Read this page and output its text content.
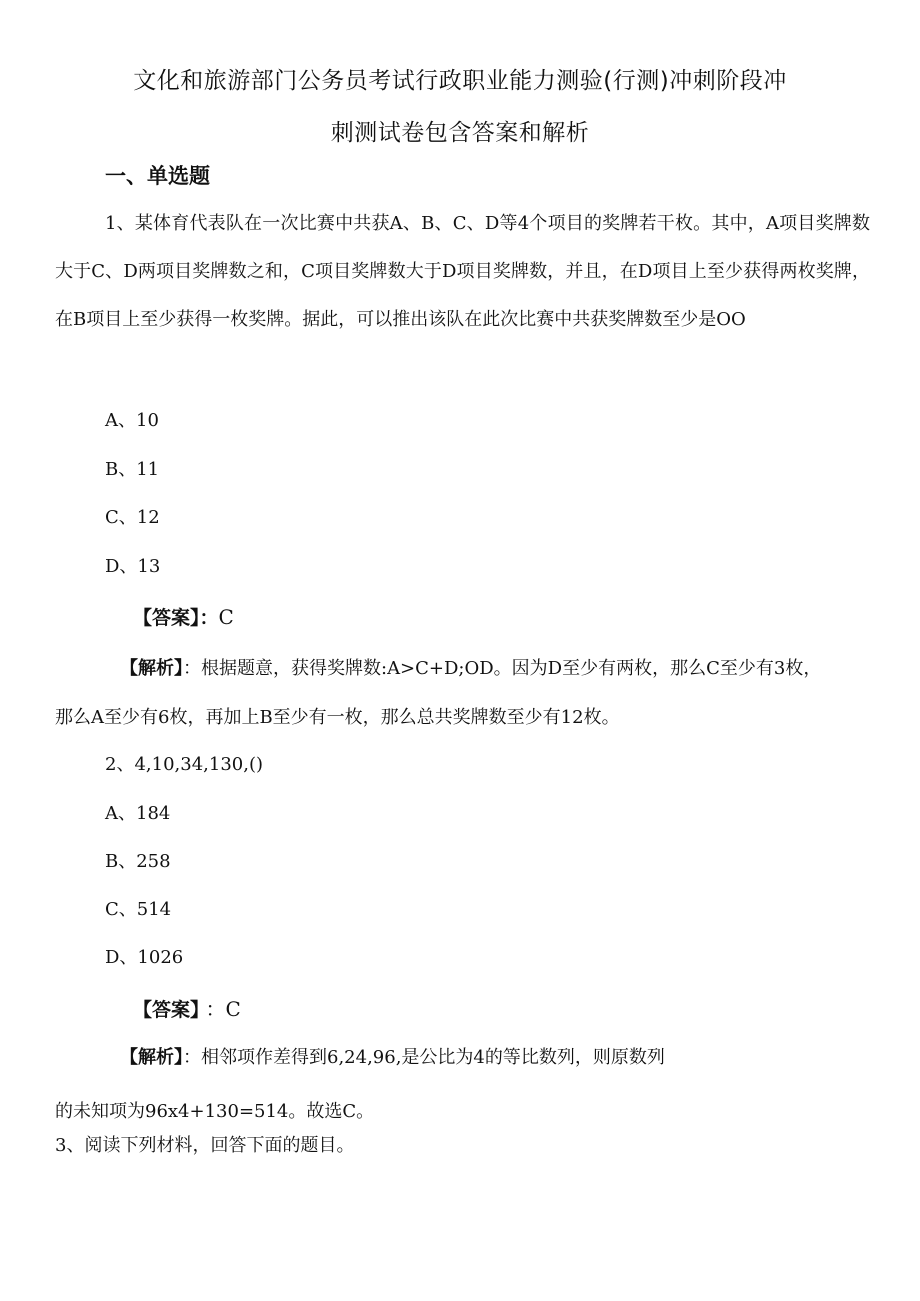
文化和旅游部门公务员考试行政职业能力测验(行测)冲刺阶段冲
刺测试卷包含答案和解析
一、单选题
1、某体育代表队在一次比赛中共获A、B、C、D等4个项目的奖牌若干枚。其中，A项目奖牌数大于C、D两项目奖牌数之和，C项目奖牌数大于D项目奖牌数，并且，在D项目上至少获得两枚奖牌，在B项目上至少获得一枚奖牌。据此，可以推出该队在此次比赛中共获奖牌数至少是OO
A、10
B、11
C、12
D、13
【答案】：C
【解析】：根据题意，获得奖牌数:A>C+D;OD。因为D至少有两枚，那么C至少有3枚，
那么A至少有6枚，再加上B至少有一枚，那么总共奖牌数至少有12枚。
2、4,10,34,130,()
A、184
B、258
C、514
D、1026
【答案】 ：C
【解析】：相邻项作差得到6,24,96,是公比为4的等比数列，则原数列
的未知项为96x4+130=514。故选C。
3、阅读下列材料，回答下面的题目。
